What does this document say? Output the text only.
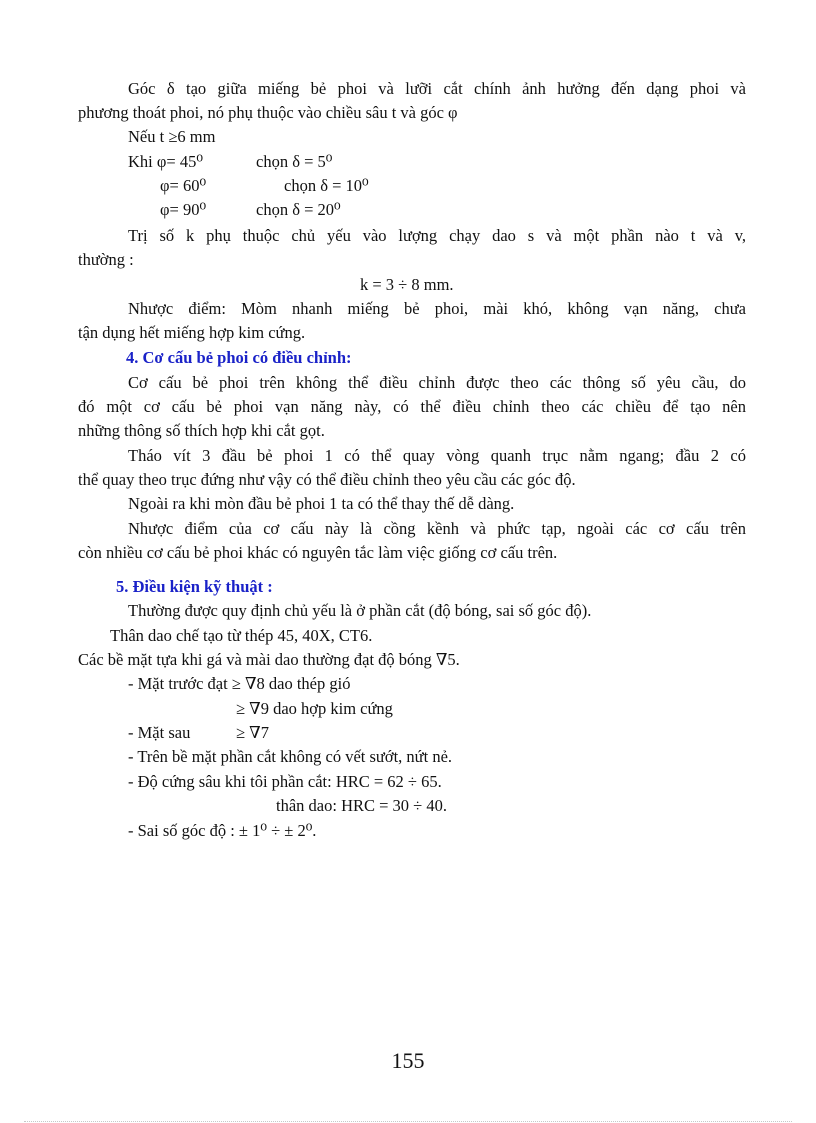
Góc δ tạo giữa miếng bẻ phoi và lưỡi cắt chính ảnh hưởng đến dạng phoi và
phương thoát phoi, nó phụ thuộc vào chiều sâu t và góc φ
Nếu t ≥6 mm
Khi φ= 45⁰	chọn δ = 5⁰
φ= 60⁰	chọn δ = 10⁰
φ= 90⁰	chọn δ = 20⁰
Trị số k phụ thuộc chủ yếu vào lượng chạy dao s và một phần nào t và v,
thường :
k = 3 ÷ 8 mm.
Nhược điểm: Mòm nhanh miếng bẻ phoi, mài khó, không vạn năng, chưa
tận dụng hết miếng hợp kim cứng.
4. Cơ cấu bẻ phoi có điều chỉnh:
Cơ cấu bẻ phoi trên không thể điều chỉnh được theo các thông số yêu cầu, do
đó một cơ cấu bẻ phoi vạn năng này, có thể điều chỉnh theo các chiều để tạo nên
những thông số thích hợp khi cắt gọt.
Tháo vít 3 đầu bẻ phoi 1 có thể quay vòng quanh trục nằm ngang; đầu 2 có
thể quay theo trục đứng như vậy có thể điều chỉnh theo yêu cầu các góc độ.
Ngoài ra khi mòn đầu bẻ phoi 1 ta có thể thay thế dễ dàng.
Nhược điểm của cơ cấu này là cồng kềnh và phức tạp, ngoài các cơ cấu trên
còn nhiều cơ cấu bẻ phoi khác có nguyên tắc làm việc giống cơ cấu trên.
5. Điều kiện kỹ thuật :
Thường được quy định chủ yếu là ở phần cắt (độ bóng, sai số góc độ).
Thân dao chế tạo từ thép 45, 40X, CT6.
Các bề mặt tựa khi gá và mài dao thường đạt độ bóng ∇5.
- Mặt trước đạt ≥ ∇8 dao thép gió
≥ ∇9 dao hợp kim cứng
- Mặt sau	≥ ∇7
- Trên bề mặt phần cắt không có vết sướt, nứt nẻ.
- Độ cứng sâu khi tôi phần cắt: HRC = 62 ÷ 65.
thân dao: HRC = 30 ÷ 40.
- Sai số góc độ : ± 1⁰ ÷ ± 2⁰.
155
